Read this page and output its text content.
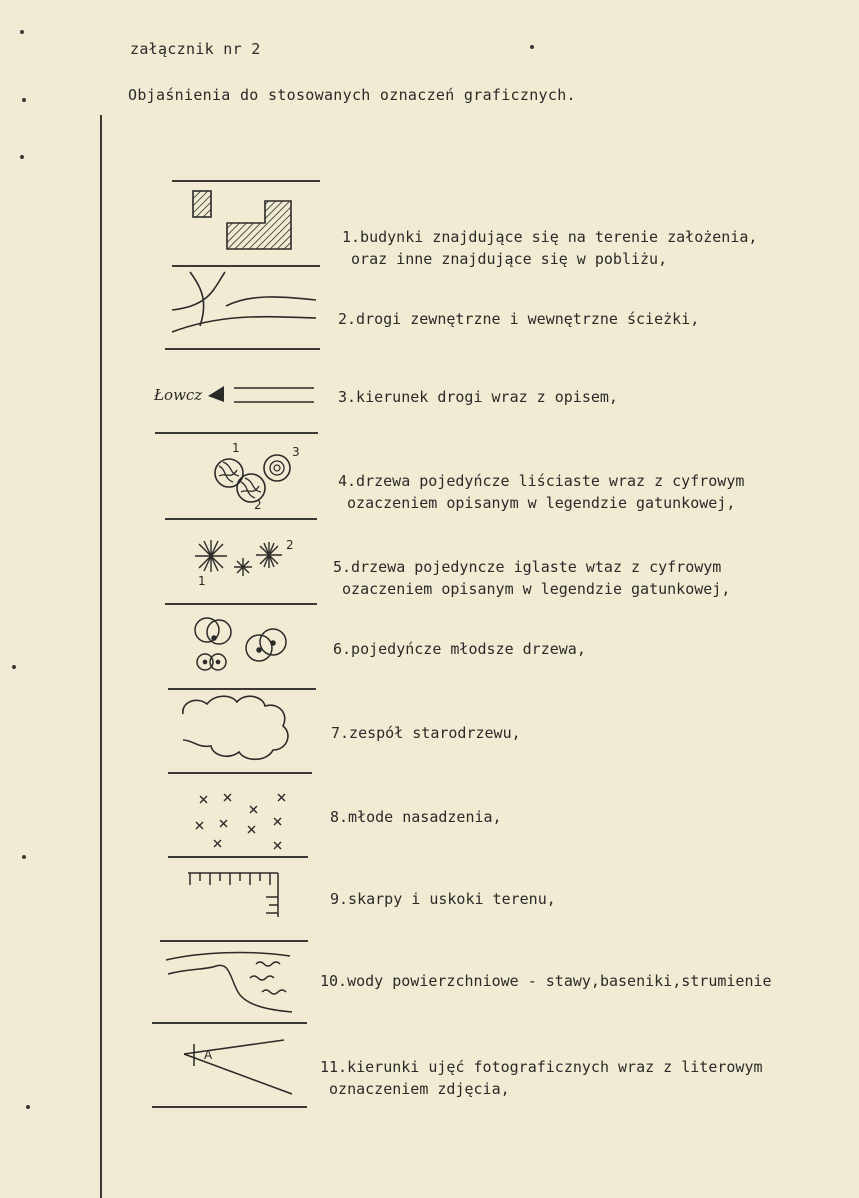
załącznik nr 2
Objaśnienia do stosowanych oznaczeń graficznych.
1.budynki znajdujące się na terenie założenia,
oraz inne znajdujące się w pobliżu,
2.drogi zewnętrzne i wewnętrzne ścieżki,
Łowcz	3.kierunek drogi wraz z opisem,
1
2
3
4.drzewa pojedyńcze liściaste wraz z cyfrowym
ozaczeniem opisanym w legendzie gatunkowej,
1
2
5.drzewa pojedyncze iglaste wtaz z cyfrowym
ozaczeniem opisanym w legendzie gatunkowej,
6.pojedyńcze młodsze drzewa,
7.zespół starodrzewu,
8.młode nasadzenia,
9.skarpy i uskoki terenu,
10.wody powierzchniowe - stawy,baseniki,strumienie
A
11.kierunki ujęć fotograficznych wraz z literowym
oznaczeniem zdjęcia,
